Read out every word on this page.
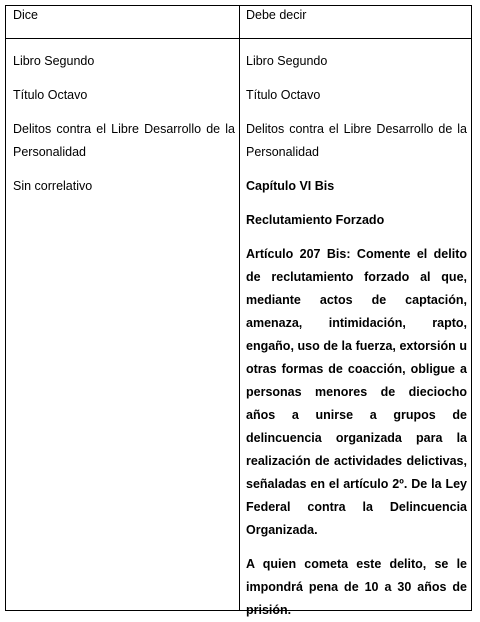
Dice	Debe decir

Libro Segundo

Título Octavo

Delitos contra el Libre Desarrollo de la Personalidad

Sin correlativo

Libro Segundo

Título Octavo

Delitos contra el Libre Desarrollo de la Personalidad

Capítulo VI Bis

Reclutamiento Forzado

Artículo 207 Bis: Comente el delito de reclutamiento forzado al que, mediante actos de captación, amenaza, intimidación, rapto, engaño, uso de la fuerza, extorsión u otras formas de coacción, obligue a personas menores de dieciocho años a unirse a grupos de delincuencia organizada para la realización de actividades delictivas, señaladas en el artículo 2º. De la Ley Federal contra la Delincuencia Organizada.

A quien cometa este delito, se le impondrá pena de 10 a 30 años de prisión.
